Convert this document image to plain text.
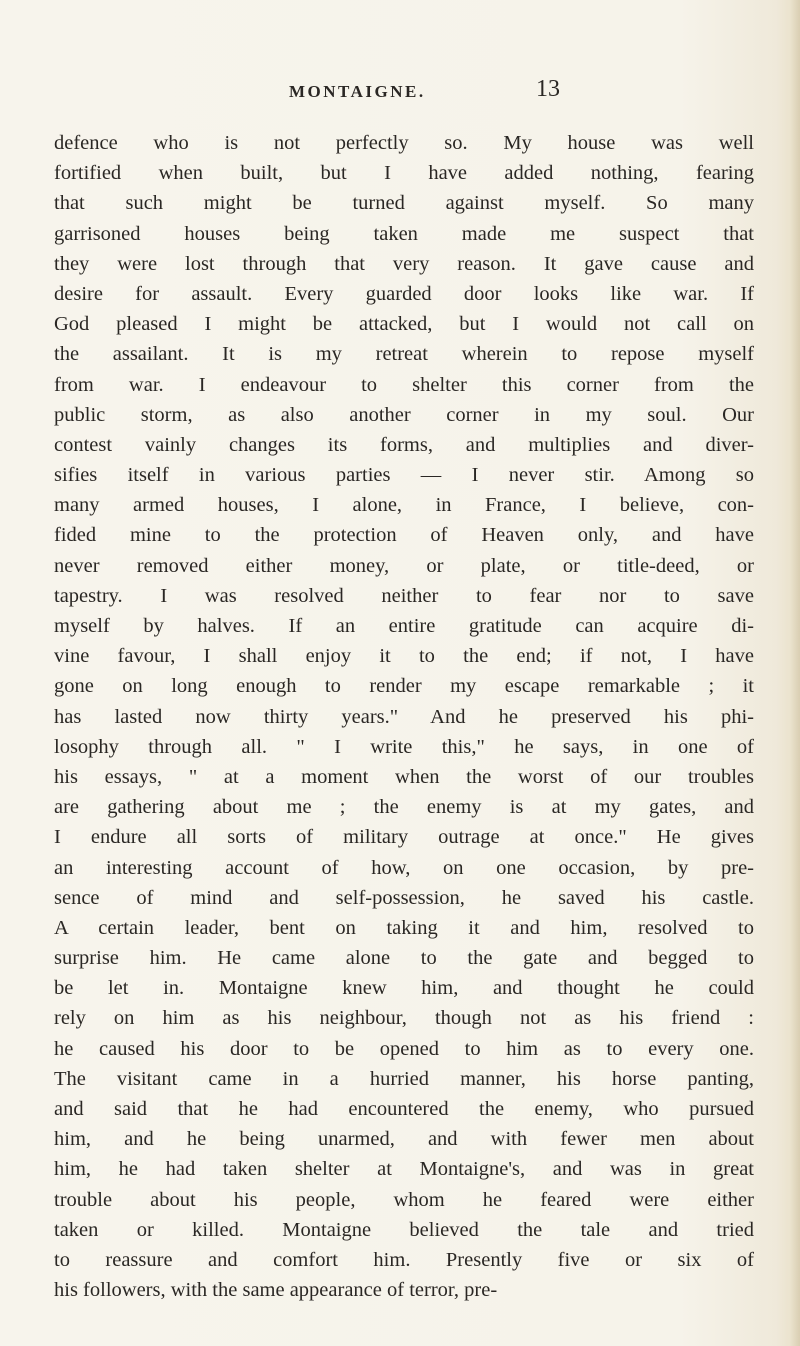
MONTAIGNE.	13
defence who is not perfectly so. My house was well
fortified when built, but I have added nothing, fearing
that such might be turned against myself. So many
garrisoned houses being taken made me suspect that
they were lost through that very reason. It gave cause and
desire for assault. Every guarded door looks like war. If
God pleased I might be attacked, but I would not call on
the assailant. It is my retreat wherein to repose myself
from war. I endeavour to shelter this corner from the
public storm, as also another corner in my soul. Our
contest vainly changes its forms, and multiplies and diver-
sifies itself in various parties — I never stir. Among so
many armed houses, I alone, in France, I believe, con-
fided mine to the protection of Heaven only, and have
never removed either money, or plate, or title-deed, or
tapestry. I was resolved neither to fear nor to save
myself by halves. If an entire gratitude can acquire di-
vine favour, I shall enjoy it to the end; if not, I have
gone on long enough to render my escape remarkable ; it
has lasted now thirty years." And he preserved his phi-
losophy through all. " I write this," he says, in one of
his essays, " at a moment when the worst of our troubles
are gathering about me ; the enemy is at my gates, and
I endure all sorts of military outrage at once." He gives
an interesting account of how, on one occasion, by pre-
sence of mind and self-possession, he saved his castle.
A certain leader, bent on taking it and him, resolved to
surprise him. He came alone to the gate and begged to
be let in. Montaigne knew him, and thought he could
rely on him as his neighbour, though not as his friend :
he caused his door to be opened to him as to every one.
The visitant came in a hurried manner, his horse panting,
and said that he had encountered the enemy, who pursued
him, and he being unarmed, and with fewer men about
him, he had taken shelter at Montaigne's, and was in great
trouble about his people, whom he feared were either
taken or killed. Montaigne believed the tale and tried
to reassure and comfort him. Presently five or six of
his followers, with the same appearance of terror, pre-
